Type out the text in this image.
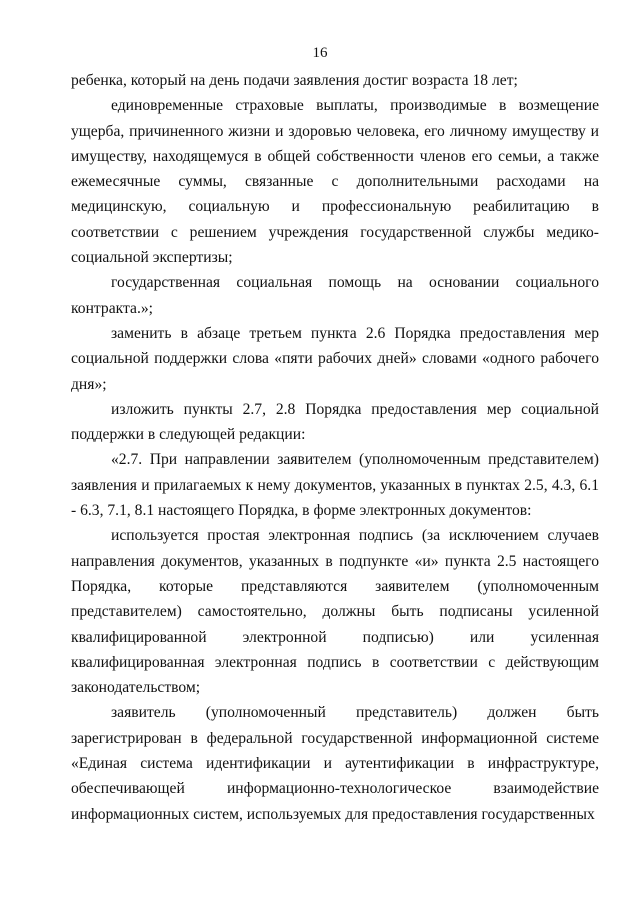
16

ребенка, который на день подачи заявления достиг возраста 18 лет;

единовременные страховые выплаты, производимые в возмещение ущерба, причиненного жизни и здоровью человека, его личному имуществу и имуществу, находящемуся в общей собственности членов его семьи, а также ежемесячные суммы, связанные с дополнительными расходами на медицинскую, социальную и профессиональную реабилитацию в соответствии с решением учреждения государственной службы медико-социальной экспертизы;

государственная социальная помощь на основании социального контракта.»;

заменить в абзаце третьем пункта 2.6 Порядка предоставления мер социальной поддержки слова «пяти рабочих дней» словами «одного рабочего дня»;

изложить пункты 2.7, 2.8 Порядка предоставления мер социальной поддержки в следующей редакции:

«2.7. При направлении заявителем (уполномоченным представителем) заявления и прилагаемых к нему документов, указанных в пунктах 2.5, 4.3, 6.1 - 6.3, 7.1, 8.1 настоящего Порядка, в форме электронных документов:

используется простая электронная подпись (за исключением случаев направления документов, указанных в подпункте «и» пункта 2.5 настоящего Порядка, которые представляются заявителем (уполномоченным представителем) самостоятельно, должны быть подписаны усиленной квалифицированной электронной подписью) или усиленная квалифицированная электронная подпись в соответствии с действующим законодательством;

заявитель (уполномоченный представитель) должен быть зарегистрирован в федеральной государственной информационной системе «Единая система идентификации и аутентификации в инфраструктуре, обеспечивающей информационно-технологическое взаимодействие информационных систем, используемых для предоставления государственных
